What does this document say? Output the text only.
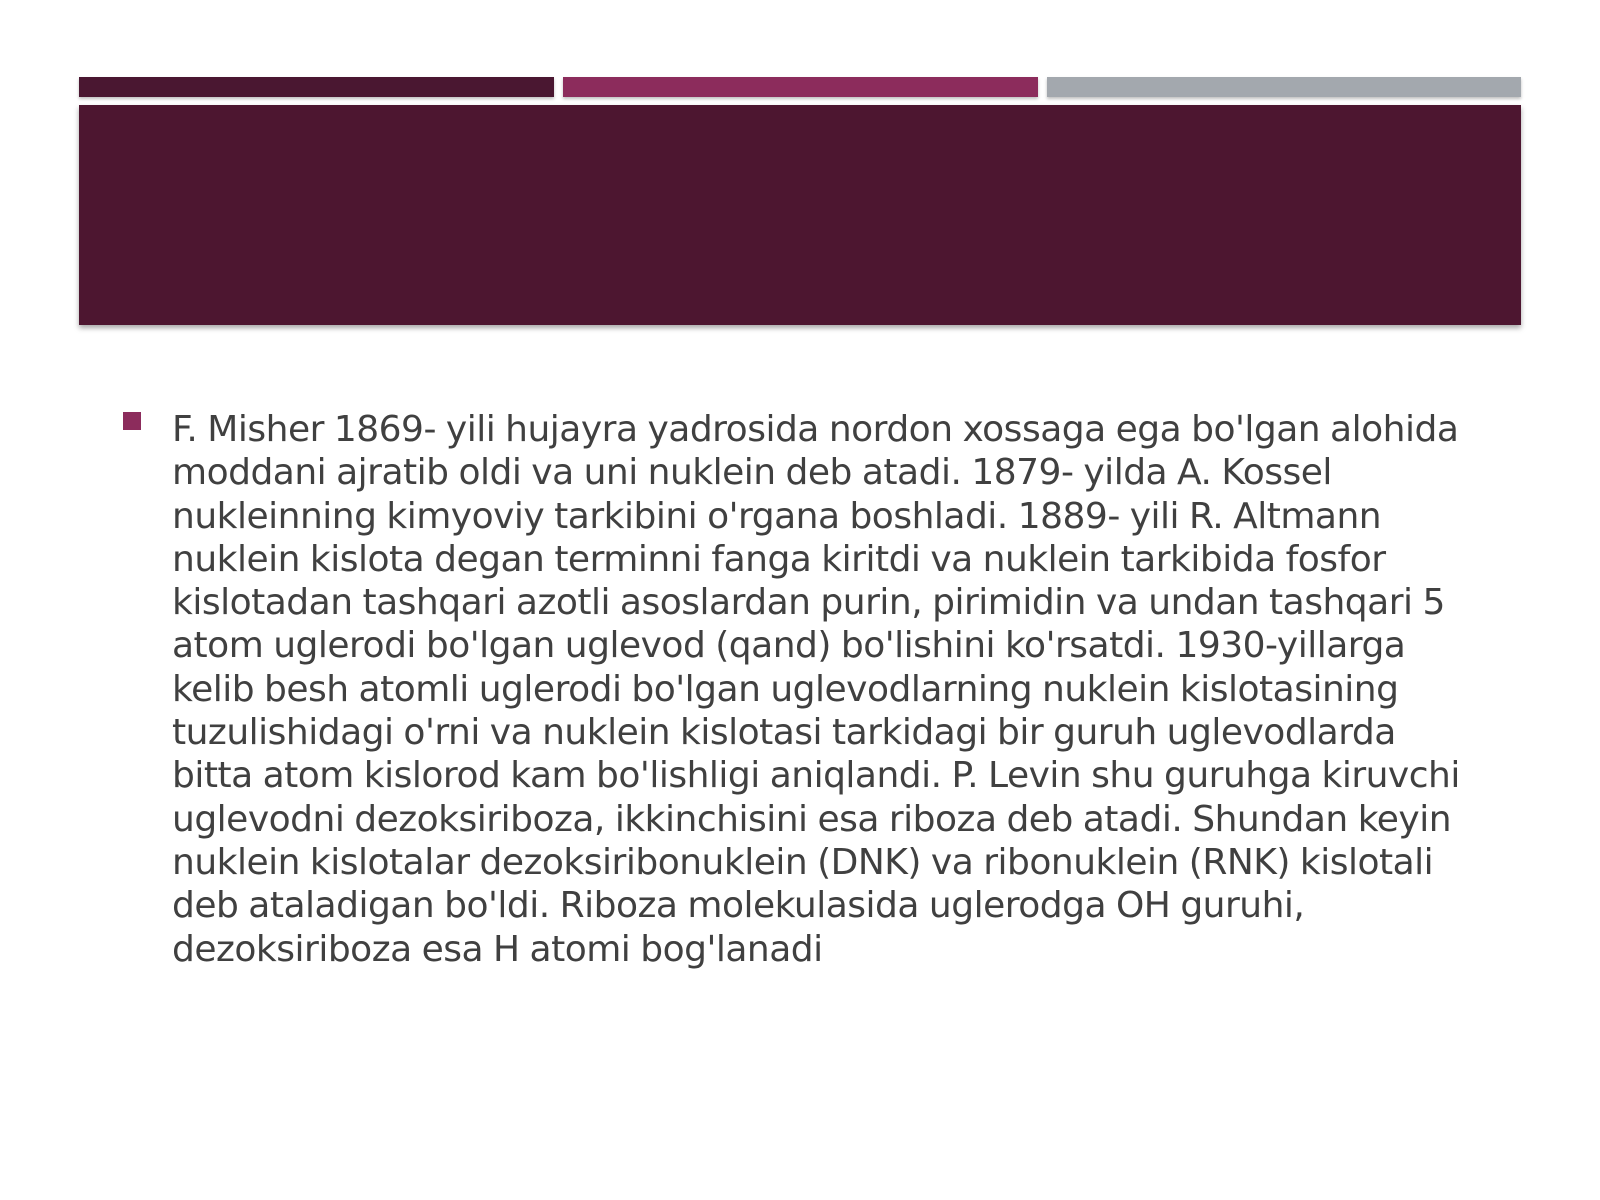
F. Misher 1869- yili hujayra yadrosida nordon xossaga ega bo'lgan alohida moddani ajratib oldi va uni nuklein deb atadi. 1879- yilda A. Kossel nukleinning kimyoviy tarkibini o'rgana boshladi. 1889- yili R. Altmann nuklein kislota degan terminni fanga kiritdi va nuklein tarkibida fosfor kislotadan tashqari azotli asoslardan purin, pirimidin va undan tashqari 5 atom uglerodi bo'lgan uglevod (qand) bo'lishini ko'rsatdi. 1930-yillarga kelib besh atomli uglerodi bo'lgan uglevodlarning nuklein kislotasining tuzulishidagi o'rni va nuklein kislotasi tarkidagi bir guruh uglevodlarda bitta atom kislorod kam bo'lishligi aniqlandi. P. Levin shu guruhga kiruvchi uglevodni dezoksiriboza, ikkinchisini esa riboza deb atadi. Shundan keyin nuklein kislotalar dezoksiribonuklein (DNK) va ribonuklein (RNK) kislotali deb ataladigan bo'ldi. Riboza molekulasida uglerodga OH guruhi, dezoksiriboza esa H atomi bog'lanadi
